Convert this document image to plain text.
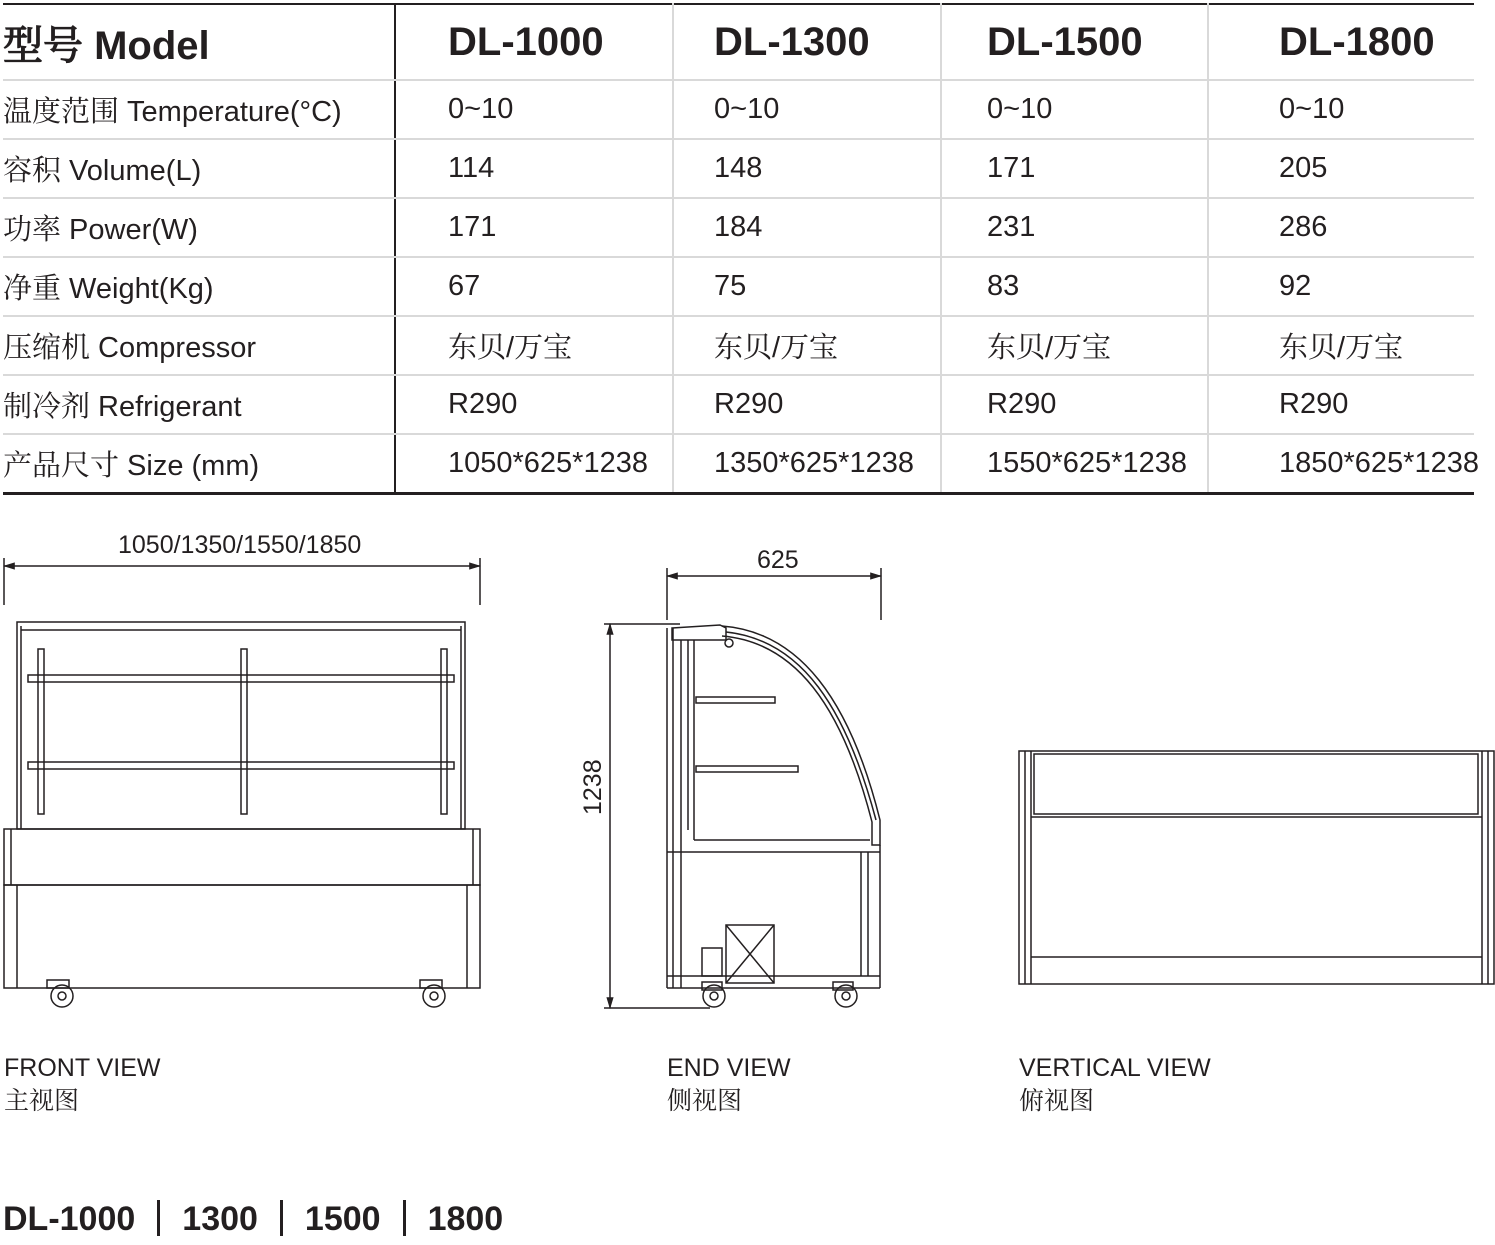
型号 Model	DL-1000	DL-1300	DL-1500	DL-1800
温度范围 Temperature(°C)	0~10	0~10	0~10	0~10
容积 Volume(L)	114	148	171	205
功率 Power(W)	171	184	231	286
净重 Weight(Kg)	67	75	83	92
压缩机 Compressor	东贝/万宝	东贝/万宝	东贝/万宝	东贝/万宝
制冷剂 Refrigerant	R290	R290	R290	R290
产品尺寸 Size (mm)	1050*625*1238	1350*625*1238	1550*625*1238	1850*625*1238
1050/1350/1550/1850
625
1238
FRONT VIEW
主视图
END VIEW
侧视图
VERTICAL VIEW
俯视图
DL-1000 1300 1500 1800
